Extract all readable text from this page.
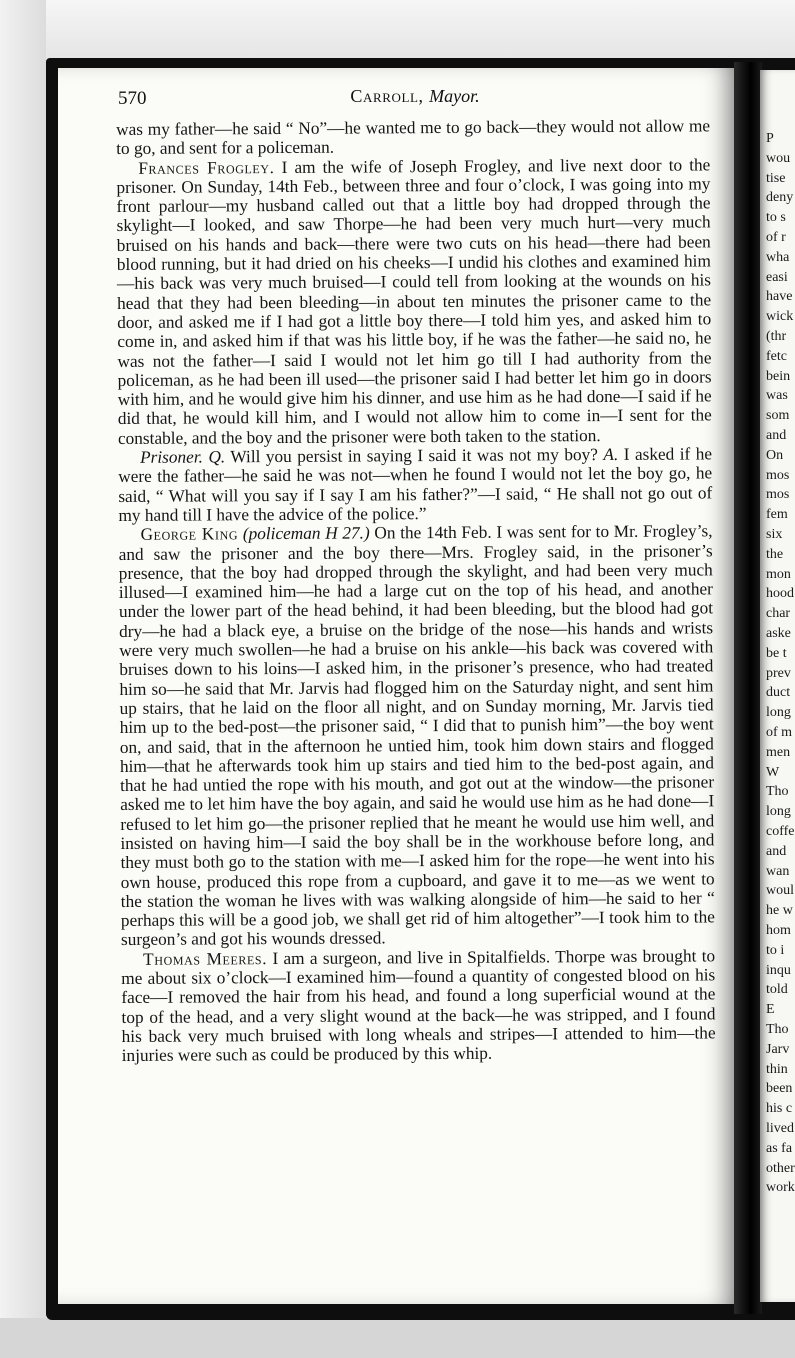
P
wou
tise
deny
to s
of r
wha
easi
have
wick
(thr
fetc
bein
was
som
and
On
mos
mos
fem
six
the
mon
hood
char
aske
be t
prev
duct
long
of m
men
W
Tho
long
coffe
and
wan
woul
he w
hom
to i
inqu
told
E
Tho
Jarv
thin
been
his c
lived
as fa
other
work
570	Carroll, Mayor.

was my father—he said “ No”—he wanted me to go back—they would not allow me to go, and sent for a policeman.

Frances Frogley. I am the wife of Joseph Frogley, and live next door to the prisoner. On Sunday, 14th Feb., between three and four o’clock, I was going into my front parlour—my husband called out that a little boy had dropped through the skylight—I looked, and saw Thorpe—he had been very much hurt—very much bruised on his hands and back—there were two cuts on his head—there had been blood running, but it had dried on his cheeks—I undid his clothes and examined him—his back was very much bruised—I could tell from looking at the wounds on his head that they had been bleeding—in about ten minutes the prisoner came to the door, and asked me if I had got a little boy there—I told him yes, and asked him to come in, and asked him if that was his little boy, if he was the father—he said no, he was not the father—I said I would not let him go till I had authority from the policeman, as he had been ill used—the prisoner said I had better let him go in doors with him, and he would give him his dinner, and use him as he had done—I said if he did that, he would kill him, and I would not allow him to come in—I sent for the constable, and the boy and the prisoner were both taken to the station.

Prisoner. Q. Will you persist in saying I said it was not my boy? A. I asked if he were the father—he said he was not—when he found I would not let the boy go, he said, “ What will you say if I say I am his father?”—I said, “ He shall not go out of my hand till I have the advice of the police.”

George King (policeman H 27.) On the 14th Feb. I was sent for to Mr. Frogley’s, and saw the prisoner and the boy there—Mrs. Frogley said, in the prisoner’s presence, that the boy had dropped through the skylight, and had been very much illused—I examined him—he had a large cut on the top of his head, and another under the lower part of the head behind, it had been bleeding, but the blood had got dry—he had a black eye, a bruise on the bridge of the nose—his hands and wrists were very much swollen—he had a bruise on his ankle—his back was covered with bruises down to his loins—I asked him, in the prisoner’s presence, who had treated him so—he said that Mr. Jarvis had flogged him on the Saturday night, and sent him up stairs, that he laid on the floor all night, and on Sunday morning, Mr. Jarvis tied him up to the bed-post—the prisoner said, “ I did that to punish him”—the boy went on, and said, that in the afternoon he untied him, took him down stairs and flogged him—that he afterwards took him up stairs and tied him to the bed-post again, and that he had untied the rope with his mouth, and got out at the window—the prisoner asked me to let him have the boy again, and said he would use him as he had done—I refused to let him go—the prisoner replied that he meant he would use him well, and insisted on having him—I said the boy shall be in the workhouse before long, and they must both go to the station with me—I asked him for the rope—he went into his own house, produced this rope from a cupboard, and gave it to me—as we went to the station the woman he lives with was walking alongside of him—he said to her “ perhaps this will be a good job, we shall get rid of him altogether”—I took him to the surgeon’s and got his wounds dressed.

Thomas Meeres. I am a surgeon, and live in Spitalfields. Thorpe was brought to me about six o’clock—I examined him—found a quantity of congested blood on his face—I removed the hair from his head, and found a long superficial wound at the top of the head, and a very slight wound at the back—he was stripped, and I found his back very much bruised with long wheals and stripes—I attended to him—the injuries were such as could be produced by this whip.
